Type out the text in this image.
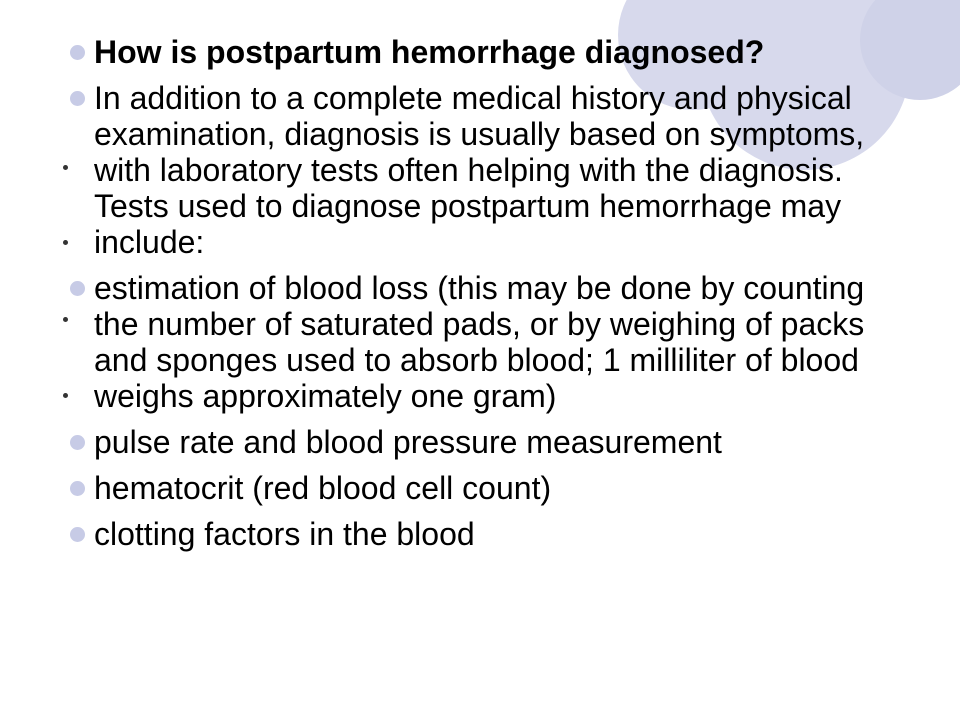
How is postpartum hemorrhage diagnosed?
In addition to a complete medical history and physical examination, diagnosis is usually based on symptoms, with laboratory tests often helping with the diagnosis. Tests used to diagnose postpartum hemorrhage may include:
estimation of blood loss (this may be done by counting the number of saturated pads, or by weighing of packs and sponges used to absorb blood; 1 milliliter of blood weighs approximately one gram)
pulse rate and blood pressure measurement
hematocrit (red blood cell count)
clotting factors in the blood
